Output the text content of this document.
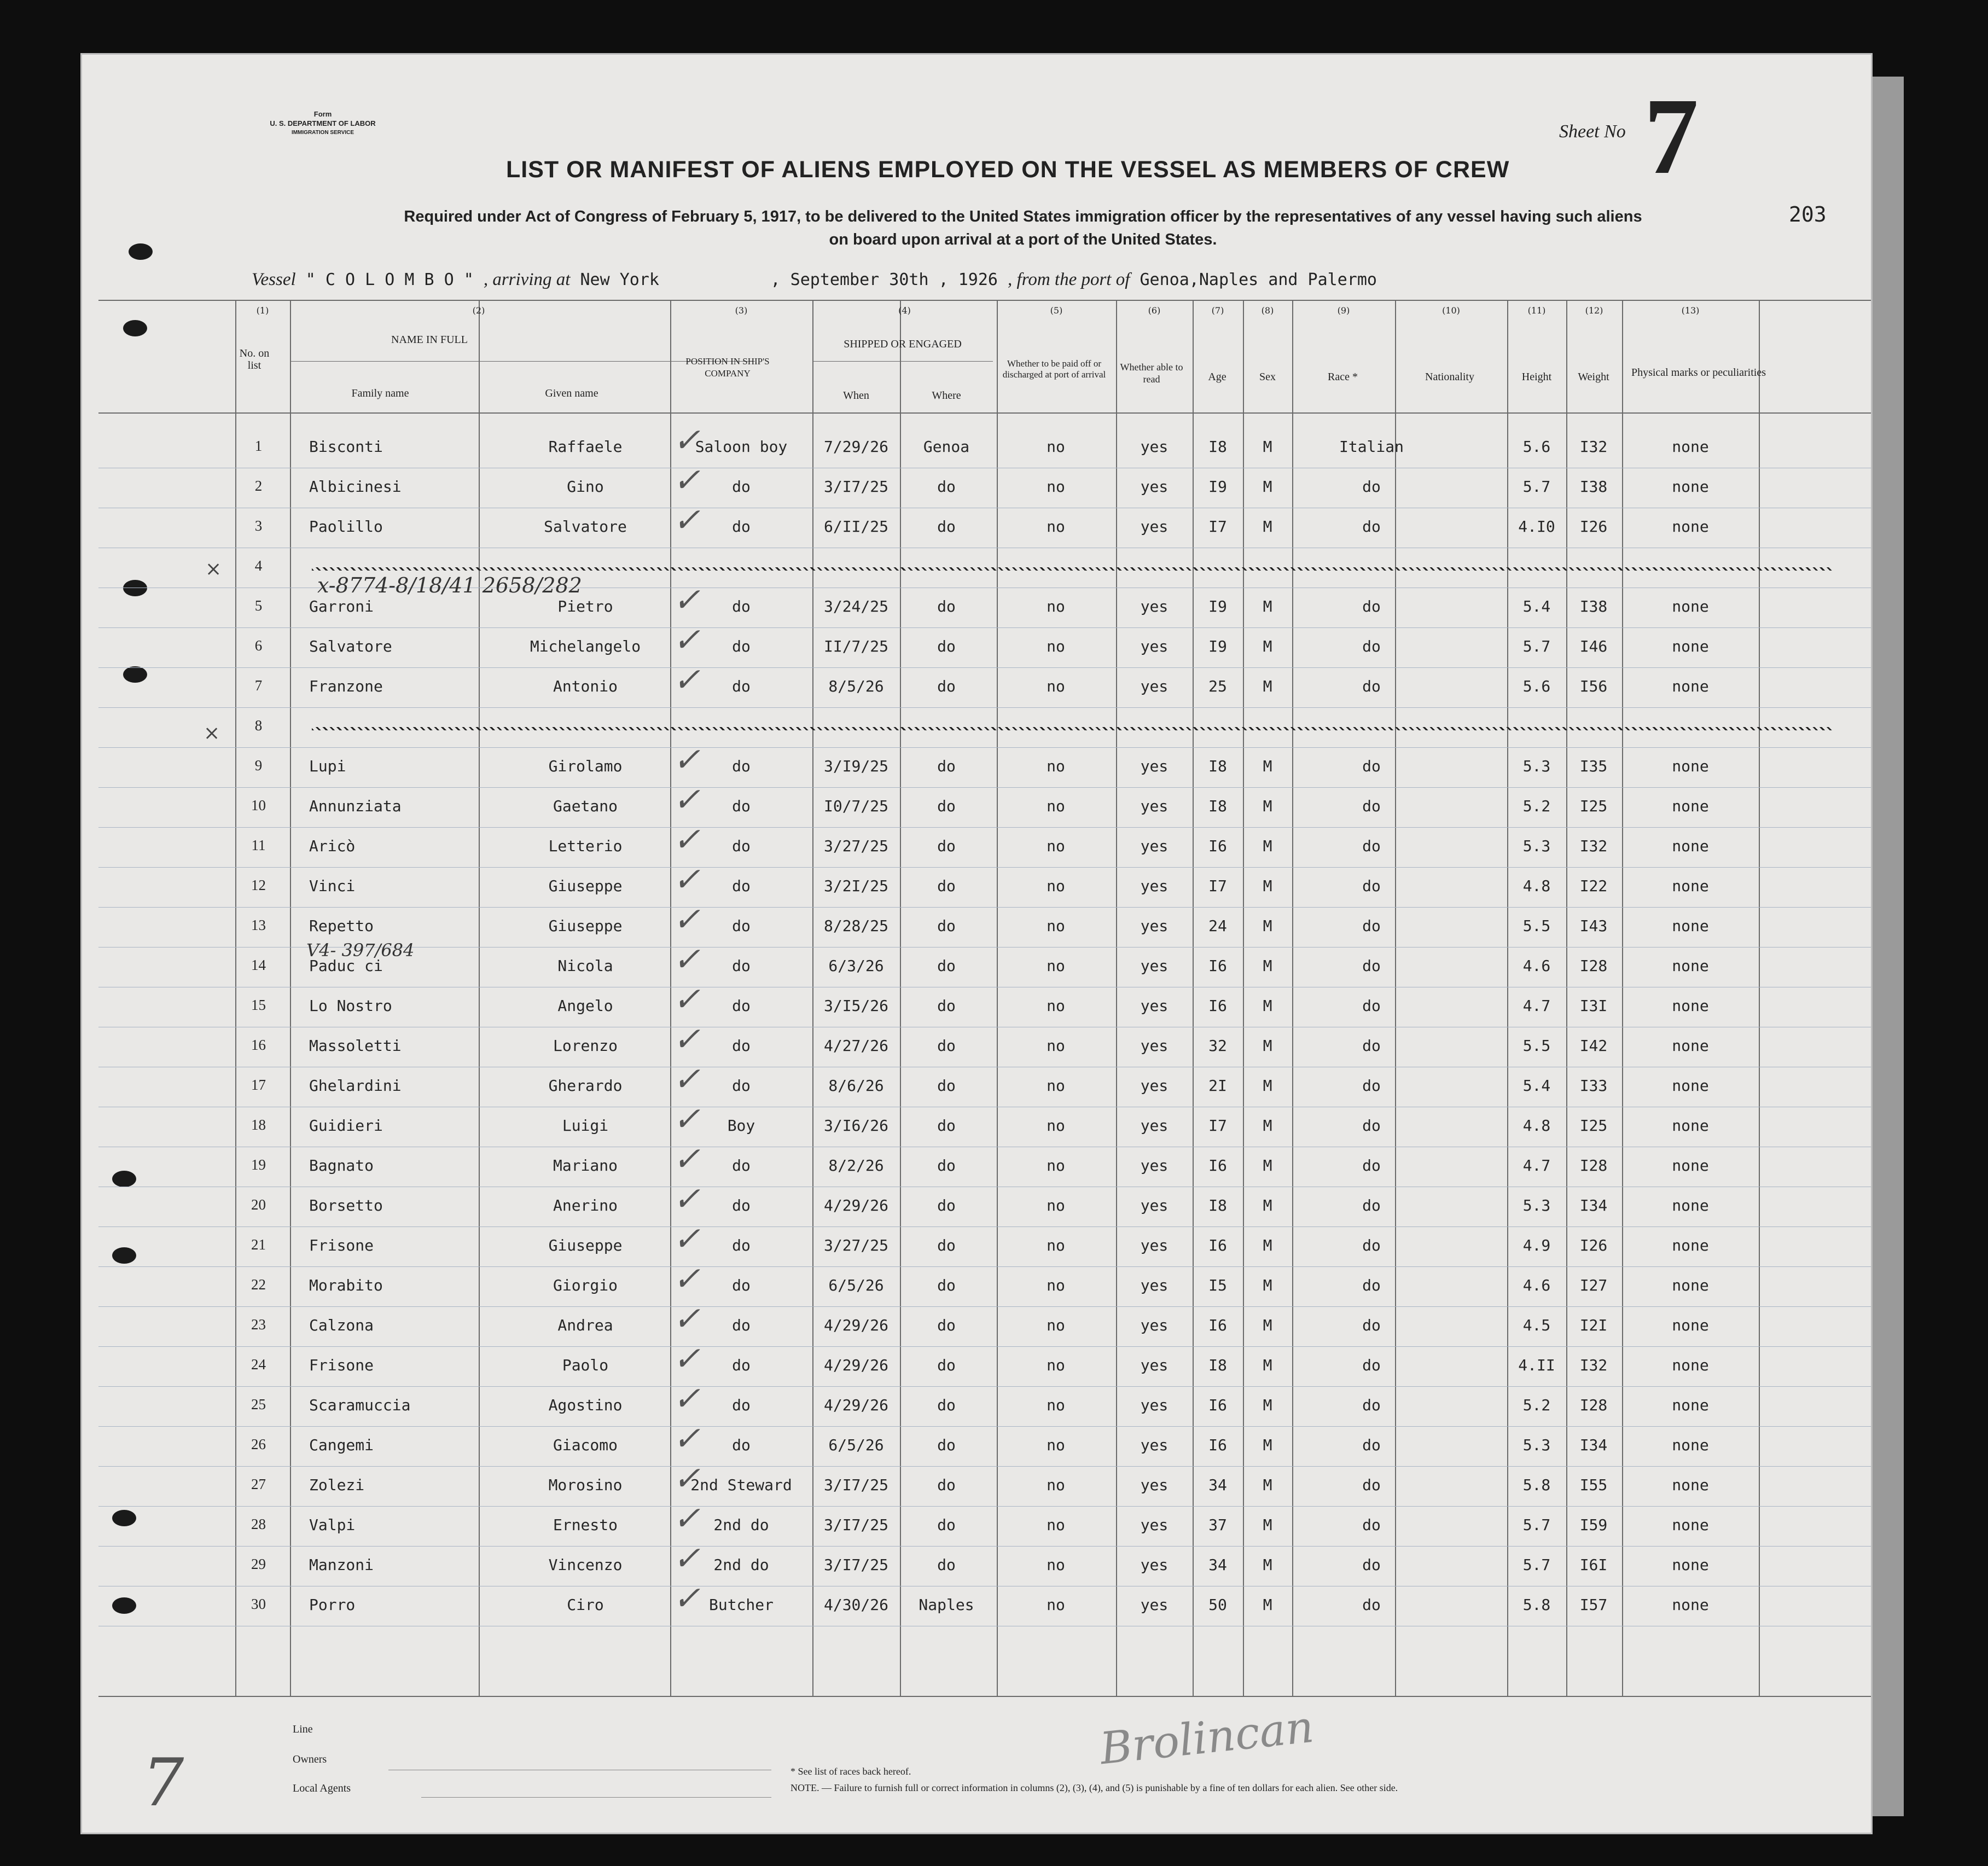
Form
U. S. DEPARTMENT OF LABOR
IMMIGRATION SERVICE	Sheet No 7
203
LIST OR MANIFEST OF ALIENS EMPLOYED ON THE VESSEL AS MEMBERS OF CREW
Required under Act of Congress of February 5, 1917, to be delivered to the United States immigration officer by the representatives of any vessel having such aliens
on board upon arrival at a port of the United States.
Vessel " C O L O M B O " , arriving at New York	, September 30th , 1926 , from the port of Genoa,Naples and Palermo
(1)	(2)	(3)	(4)	(5)	(6)	(7)	(8)	(9)	(10)	(11)	(12)	(13)
No. on list
NAME IN FULL
Family name	Given name
POSITION IN SHIP'S COMPANY
SHIPPED OR ENGAGED
When	Where
Whether to be paid off or discharged at port of arrival
Whether able to read	Age	Sex	Race *	Nationality	Height	Weight	Physical marks or peculiarities
1	Bisconti	Raffaele	Saloon boy	7/29/26	Genoa	no	yes	I8	M	Italian	5.6	I32	none
✓
2	Albicinesi	Gino	do	3/I7/25	do	no	yes	I9	M	do	5.7	I38	none
✓
3	Paolillo	Salvatore	do	6/II/25	do	no	yes	I7	M	do	4.I0	I26	none
✓
4
5	Garroni	Pietro	do	3/24/25	do	no	yes	I9	M	do	5.4	I38	none
✓
6	Salvatore	Michelangelo	do	II/7/25	do	no	yes	I9	M	do	5.7	I46	none
✓
7	Franzone	Antonio	do	8/5/26	do	no	yes	25	M	do	5.6	I56	none
✓
8
9	Lupi	Girolamo	do	3/I9/25	do	no	yes	I8	M	do	5.3	I35	none
✓
10	Annunziata	Gaetano	do	I0/7/25	do	no	yes	I8	M	do	5.2	I25	none
✓
11	Aricò	Letterio	do	3/27/25	do	no	yes	I6	M	do	5.3	I32	none
✓
12	Vinci	Giuseppe	do	3/2I/25	do	no	yes	I7	M	do	4.8	I22	none
✓
13	Repetto	Giuseppe	do	8/28/25	do	no	yes	24	M	do	5.5	I43	none
✓
14	Paduc ci	Nicola	do	6/3/26	do	no	yes	I6	M	do	4.6	I28	none
✓
15	Lo Nostro	Angelo	do	3/I5/26	do	no	yes	I6	M	do	4.7	I3I	none
✓
16	Massoletti	Lorenzo	do	4/27/26	do	no	yes	32	M	do	5.5	I42	none
✓
17	Ghelardini	Gherardo	do	8/6/26	do	no	yes	2I	M	do	5.4	I33	none
✓
18	Guidieri	Luigi	Boy	3/I6/26	do	no	yes	I7	M	do	4.8	I25	none
✓
19	Bagnato	Mariano	do	8/2/26	do	no	yes	I6	M	do	4.7	I28	none
✓
20	Borsetto	Anerino	do	4/29/26	do	no	yes	I8	M	do	5.3	I34	none
✓
21	Frisone	Giuseppe	do	3/27/25	do	no	yes	I6	M	do	4.9	I26	none
✓
22	Morabito	Giorgio	do	6/5/26	do	no	yes	I5	M	do	4.6	I27	none
✓
23	Calzona	Andrea	do	4/29/26	do	no	yes	I6	M	do	4.5	I2I	none
✓
24	Frisone	Paolo	do	4/29/26	do	no	yes	I8	M	do	4.II	I32	none
✓
25	Scaramuccia	Agostino	do	4/29/26	do	no	yes	I6	M	do	5.2	I28	none
✓
26	Cangemi	Giacomo	do	6/5/26	do	no	yes	I6	M	do	5.3	I34	none
✓
27	Zolezi	Morosino	2nd Steward	3/I7/25	do	no	yes	34	M	do	5.8	I55	none
✓
28	Valpi	Ernesto	2nd do	3/I7/25	do	no	yes	37	M	do	5.7	I59	none
✓
29	Manzoni	Vincenzo	2nd do	3/I7/25	do	no	yes	34	M	do	5.7	I6I	none
✓
30	Porro	Ciro	Butcher	4/30/26	Naples	no	yes	50	M	do	5.8	I57	none
✓
x-8774-8/18/41 2658/282
V4- 397/684
Brolincan
7
×
×
Line
Owners
Local Agents
* See list of races back hereof.
NOTE. — Failure to furnish full or correct information in columns (2), (3), (4), and (5) is punishable by a fine of ten dollars for each alien. See other side.
